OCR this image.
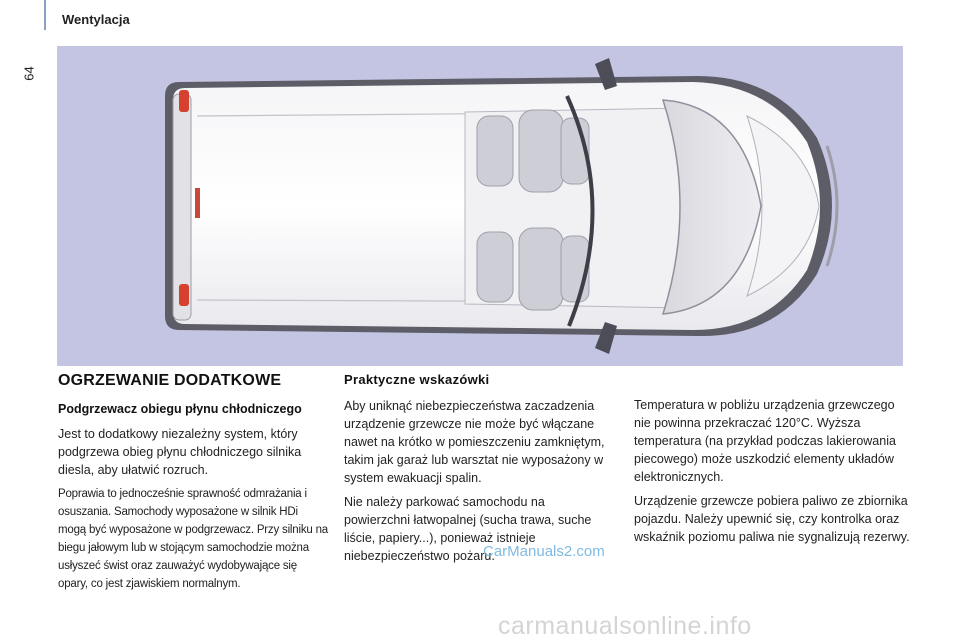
Wentylacja
64
OGRZEWANIE DODATKOWE
Podgrzewacz obiegu płynu chłodniczego

Jest to dodatkowy niezależny system, który podgrzewa obieg płynu chłodniczego silnika diesla, aby ułatwić rozruch.

Poprawia to jednocześnie sprawność odmrażania i osuszania. Samochody wyposażone w silnik HDi mogą być wyposażone w podgrzewacz. Przy silniku na biegu jałowym lub w stojącym samochodzie można usłyszeć świst oraz zauważyć wydobywające się opary, co jest zjawiskiem normalnym.

Praktyczne wskazówki

Aby uniknąć niebezpieczeństwa zaczadzenia urządzenie grzewcze nie może być włączane nawet na krótko w pomieszczeniu zamkniętym, takim jak garaż lub warsztat nie wyposażony w system ewakuacji spalin.

Nie należy parkować samochodu na powierzchni łatwopalnej (sucha trawa, suche liście, papiery...), ponieważ istnieje niebezpieczeństwo pożaru.

Temperatura w pobliżu urządzenia grzewczego nie powinna przekraczać 120°C. Wyższa temperatura (na przykład podczas lakierowania piecowego) może uszkodzić elementy układów elektronicznych.

Urządzenie grzewcze pobiera paliwo ze zbiornika pojazdu. Należy upewnić się, czy kontrolka oraz wskaźnik poziomu paliwa nie sygnalizują rezerwy.

CarManuals2.com
carmanualsonline.info
